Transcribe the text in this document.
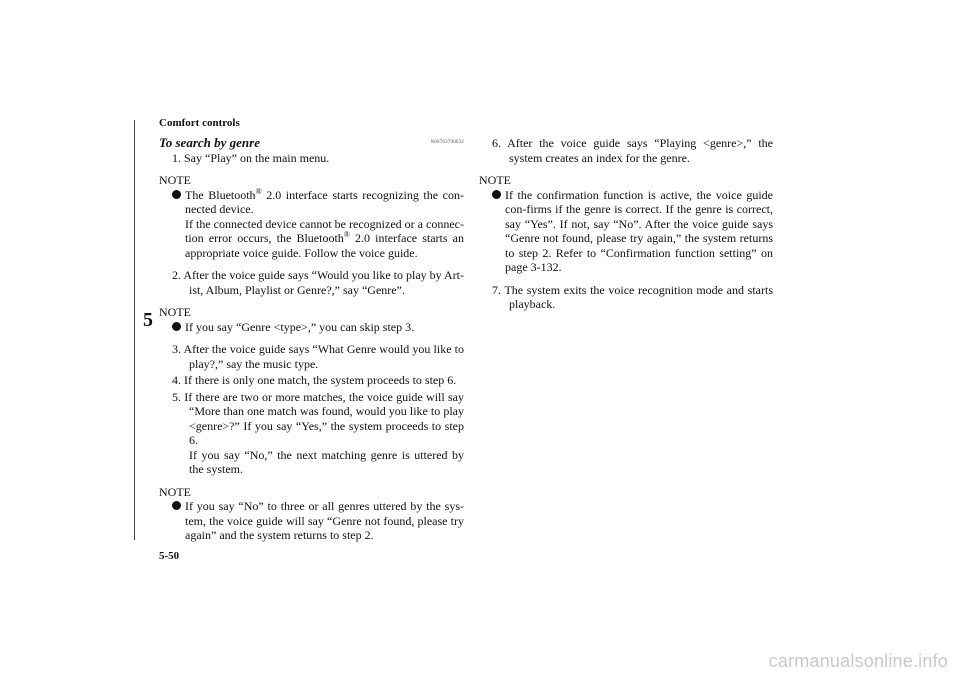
Comfort controls
5
To search by genre	N00763700032

1. Say “Play” on the main menu.

NOTE
The Bluetooth® 2.0 interface starts recognizing the con-nected device.
If the connected device cannot be recognized or a connec-tion error occurs, the Bluetooth® 2.0 interface starts an appropriate voice guide. Follow the voice guide.

2. After the voice guide says “Would you like to play by Art-ist, Album, Playlist or Genre?,” say “Genre”.

NOTE
If you say “Genre <type>,” you can skip step 3.

3. After the voice guide says “What Genre would you like to play?,” say the music type.

4. If there is only one match, the system proceeds to step 6.

5. If there are two or more matches, the voice guide will say “More than one match was found, would you like to play <genre>?” If you say “Yes,” the system proceeds to step 6.
If you say “No,” the next matching genre is uttered by the system.

NOTE
If you say “No” to three or all genres uttered by the sys-tem, the voice guide will say “Genre not found, please try again” and the system returns to step 2.

6. After the voice guide says “Playing <genre>,” the system creates an index for the genre.

NOTE
If the confirmation function is active, the voice guide con-firms if the genre is correct. If the genre is correct, say “Yes”. If not, say “No”. After the voice guide says “Genre not found, please try again,” the system returns to step 2. Refer to “Confirmation function setting” on page 3-132.

7. The system exits the voice recognition mode and starts playback.

5-50
carmanualsonline.info
